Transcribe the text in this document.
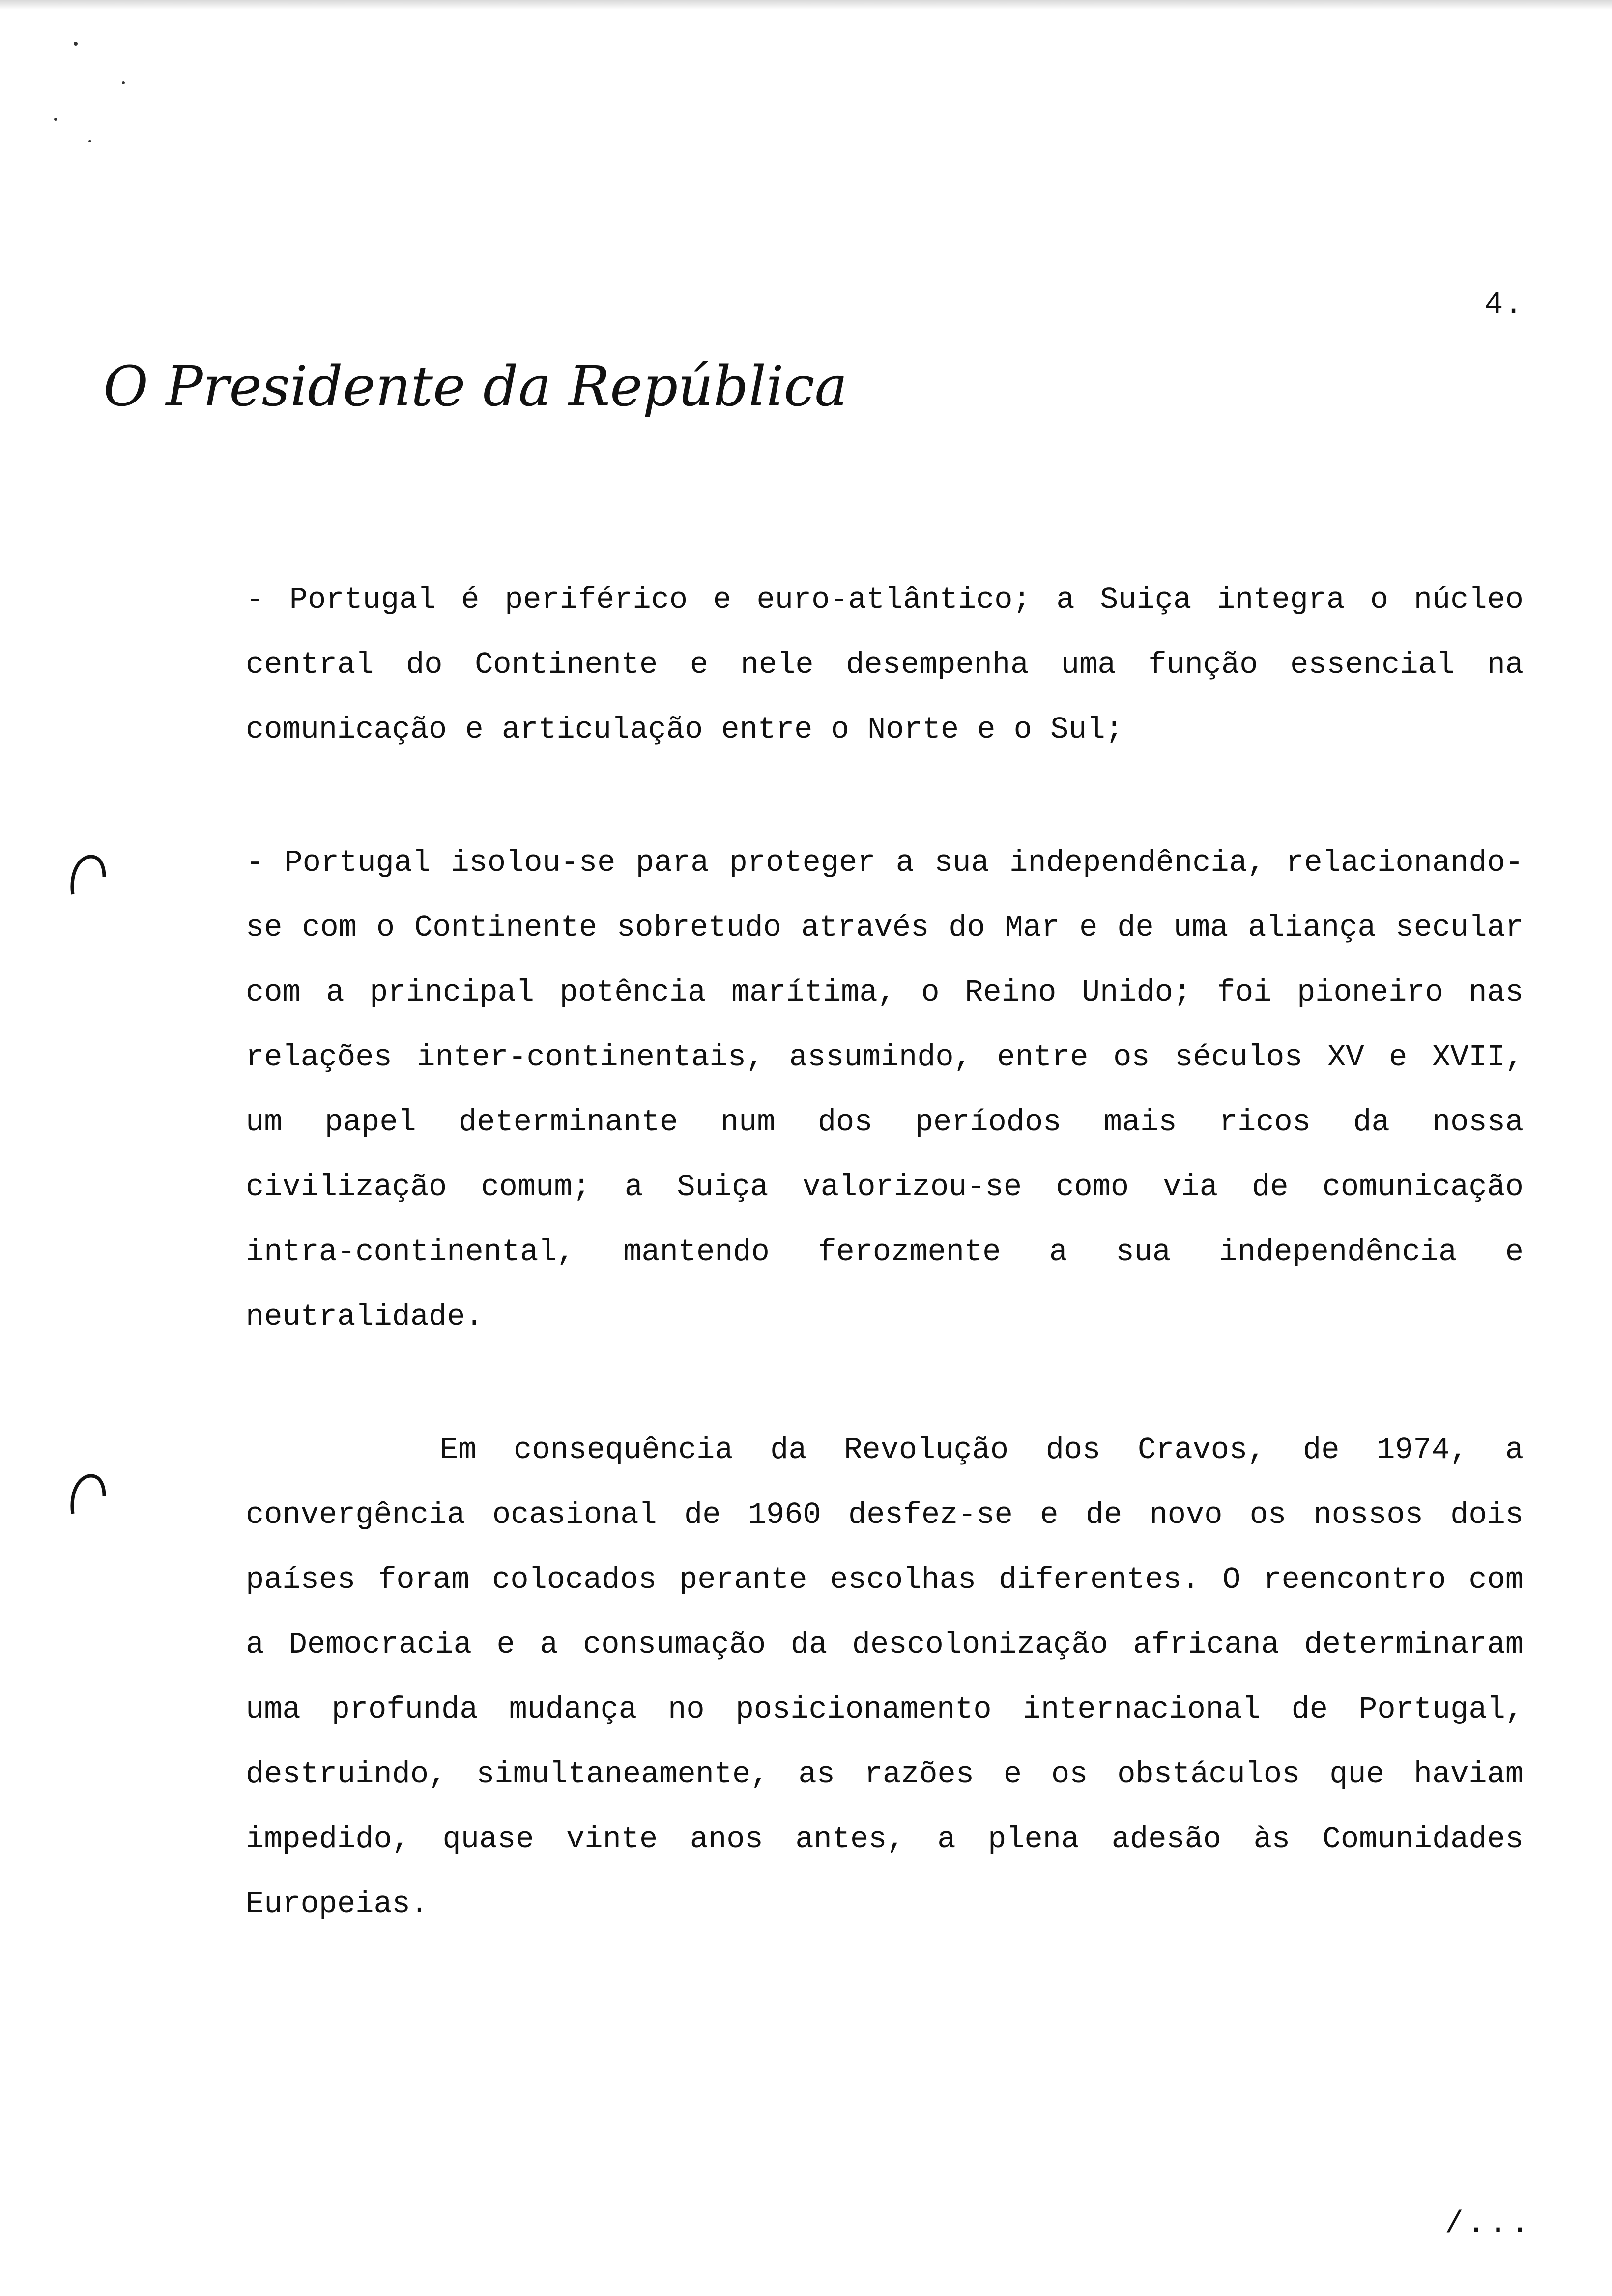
4.
O Presidente da República
- Portugal é periférico e euro-atlântico; a Suiça integra o núcleo central do Continente e nele desempenha uma função essencial na comunicação e articulação entre o Norte e o Sul;
- Portugal isolou-se para proteger a sua independência, relacionando-se com o Continente sobretudo através do Mar e de uma aliança secular com a principal potência marítima, o Reino Unido; foi pioneiro nas relações inter-continentais, assumindo, entre os séculos XV e XVII, um papel determinante num dos períodos mais ricos da nossa civilização comum; a Suiça valorizou-se como via de comunicação intra-continental, mantendo ferozmente a sua independência e neutralidade.
Em consequência da Revolução dos Cravos, de 1974, a convergência ocasional de 1960 desfez-se e de novo os nossos dois países foram colocados perante escolhas diferentes. O reencontro com a Democracia e a consumação da descolonização africana determinaram uma profunda mudança no posicionamento internacional de Portugal, destruindo, simultaneamente, as razões e os obstáculos que haviam impedido, quase vinte anos antes, a plena adesão às Comunidades Europeias.
/...
